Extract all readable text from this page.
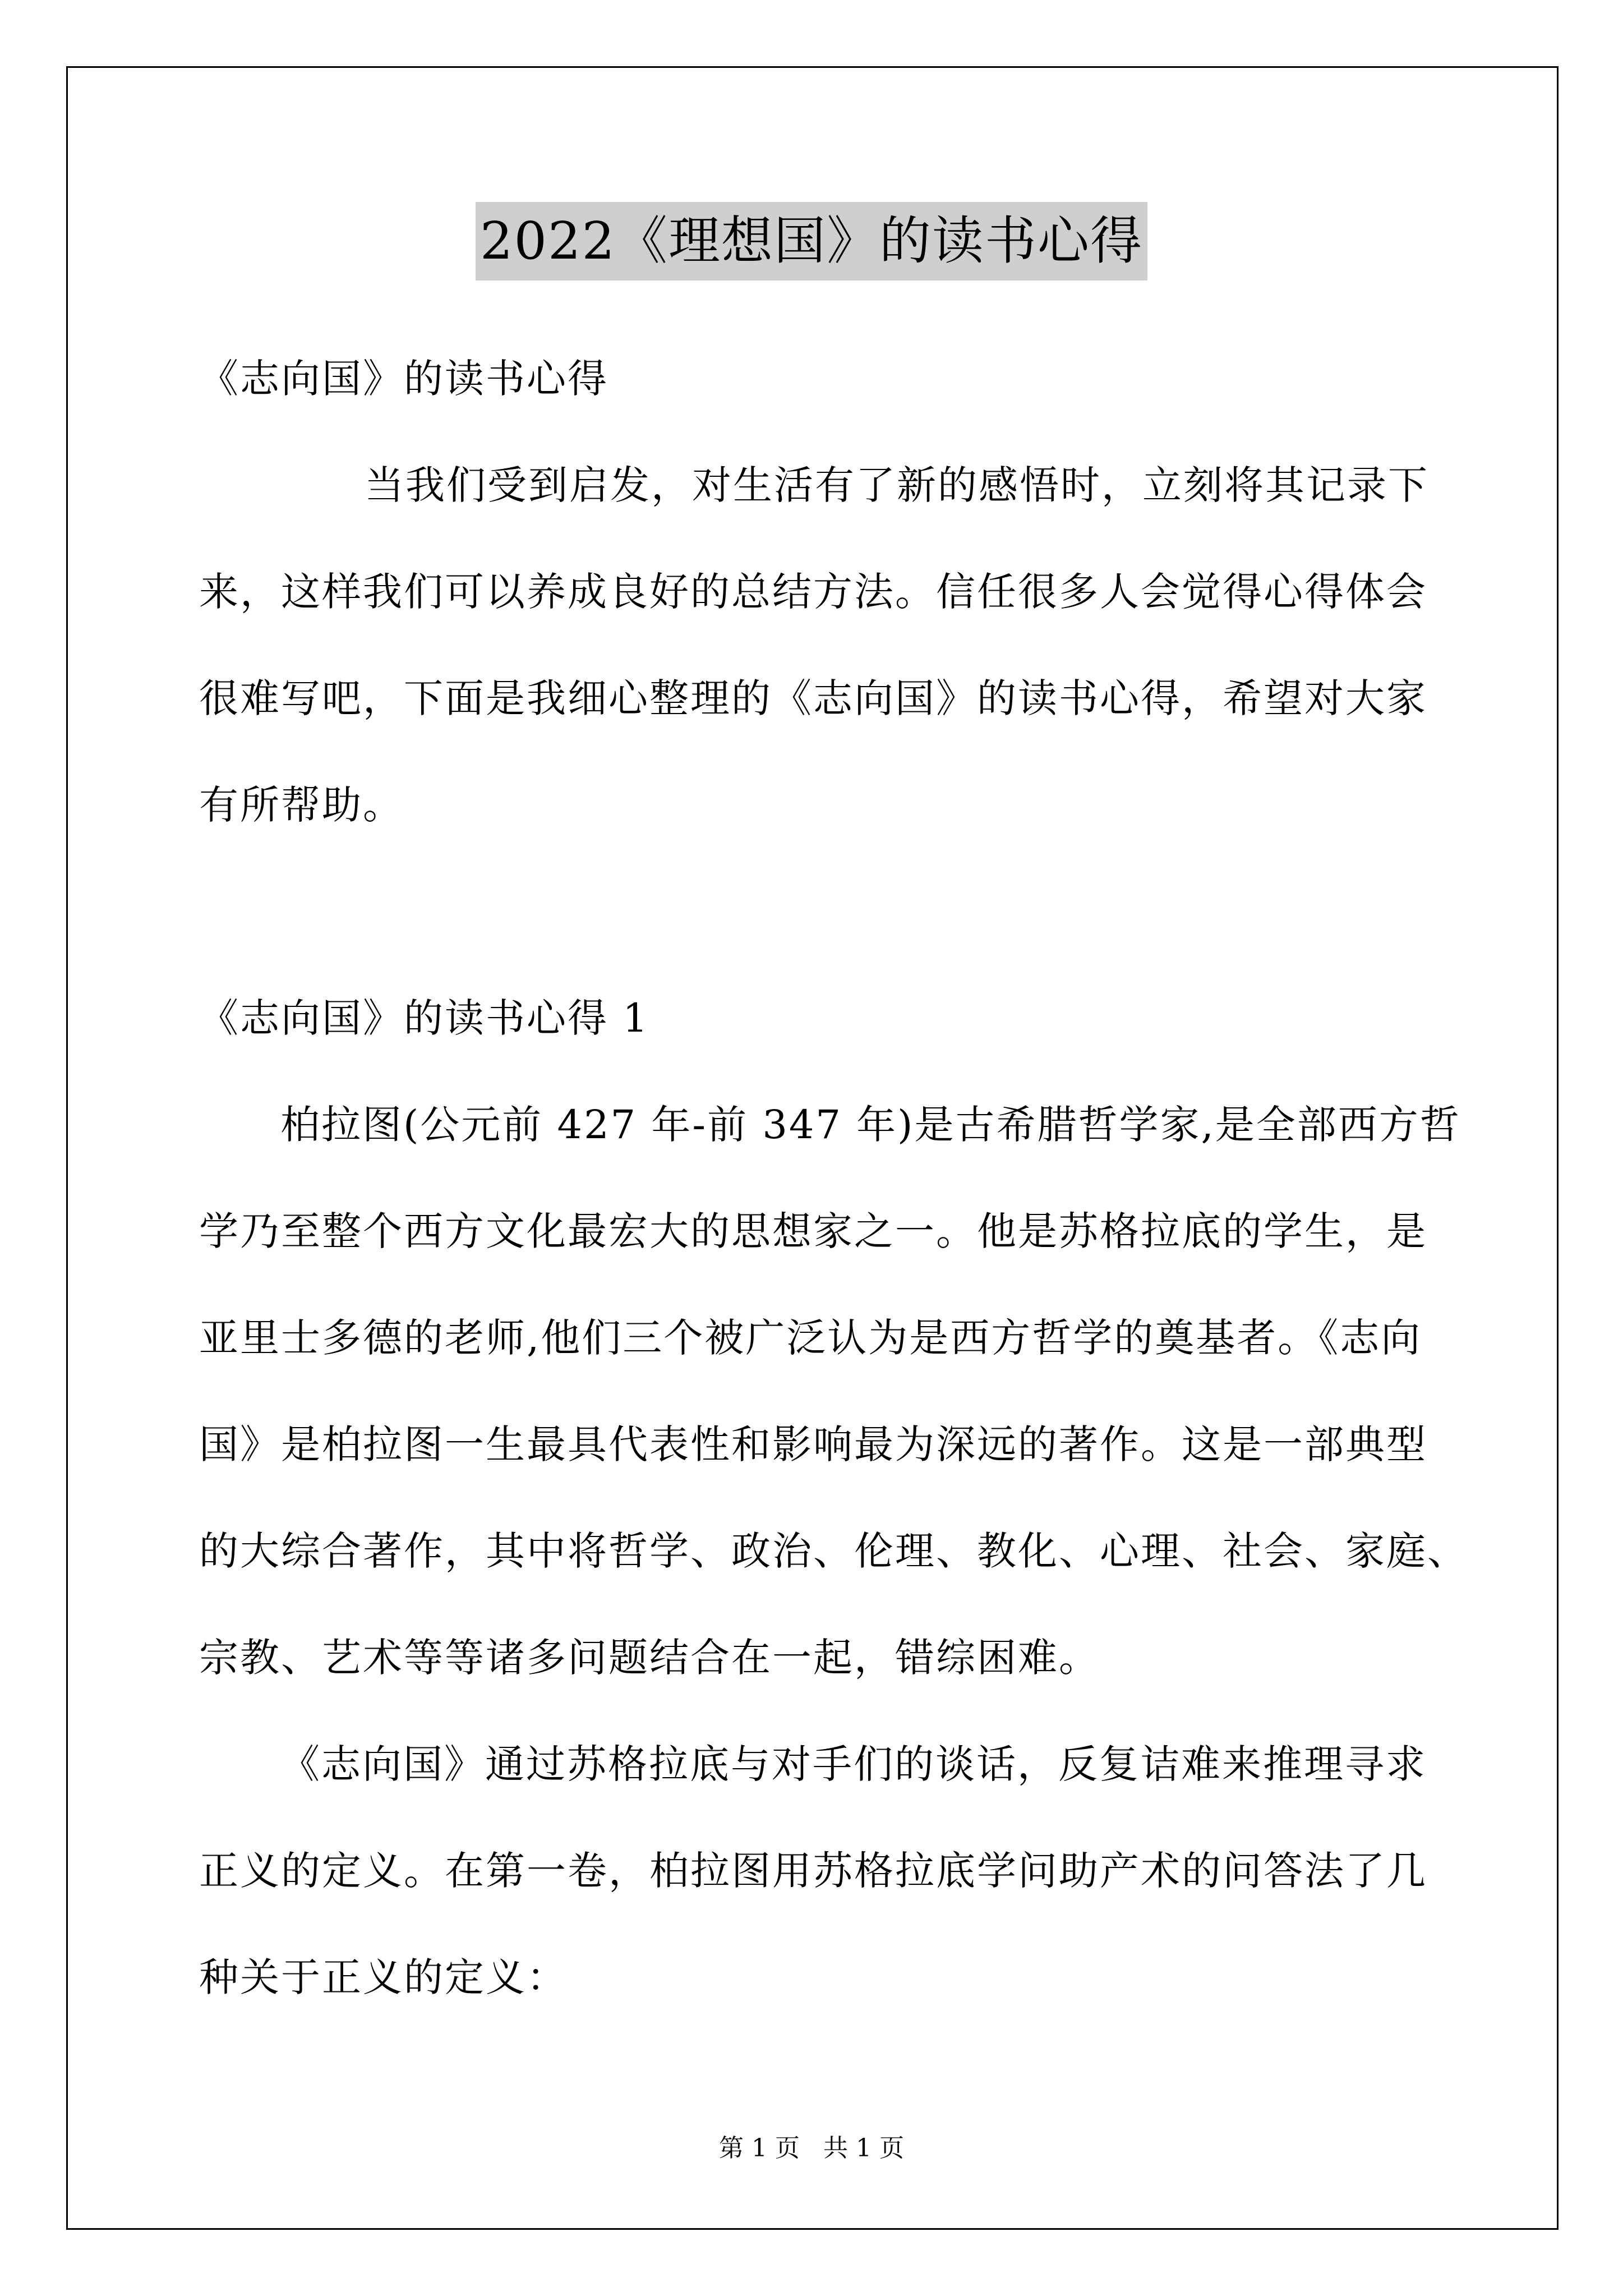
2022《理想国》的读书心得
《志向国》的读书心得
当我们受到启发，对生活有了新的感悟时，立刻将其记录下
来，这样我们可以养成良好的总结方法。信任很多人会觉得心得体会
很难写吧，下面是我细心整理的《志向国》的读书心得，希望对大家
有所帮助。
《志向国》的读书心得 1
柏拉图(公元前 427 年-前 347 年)是古希腊哲学家,是全部西方哲
学乃至整个西方文化最宏大的思想家之一。他是苏格拉底的学生，是
亚里士多德的老师,他们三个被广泛认为是西方哲学的奠基者。《志向
国》是柏拉图一生最具代表性和影响最为深远的著作。这是一部典型
的大综合著作，其中将哲学、政治、伦理、教化、心理、社会、家庭、
宗教、艺术等等诸多问题结合在一起，错综困难。
《志向国》通过苏格拉底与对手们的谈话，反复诘难来推理寻求
正义的定义。在第一卷，柏拉图用苏格拉底学问助产术的问答法了几
种关于正义的定义：
第 1 页 共 1 页
